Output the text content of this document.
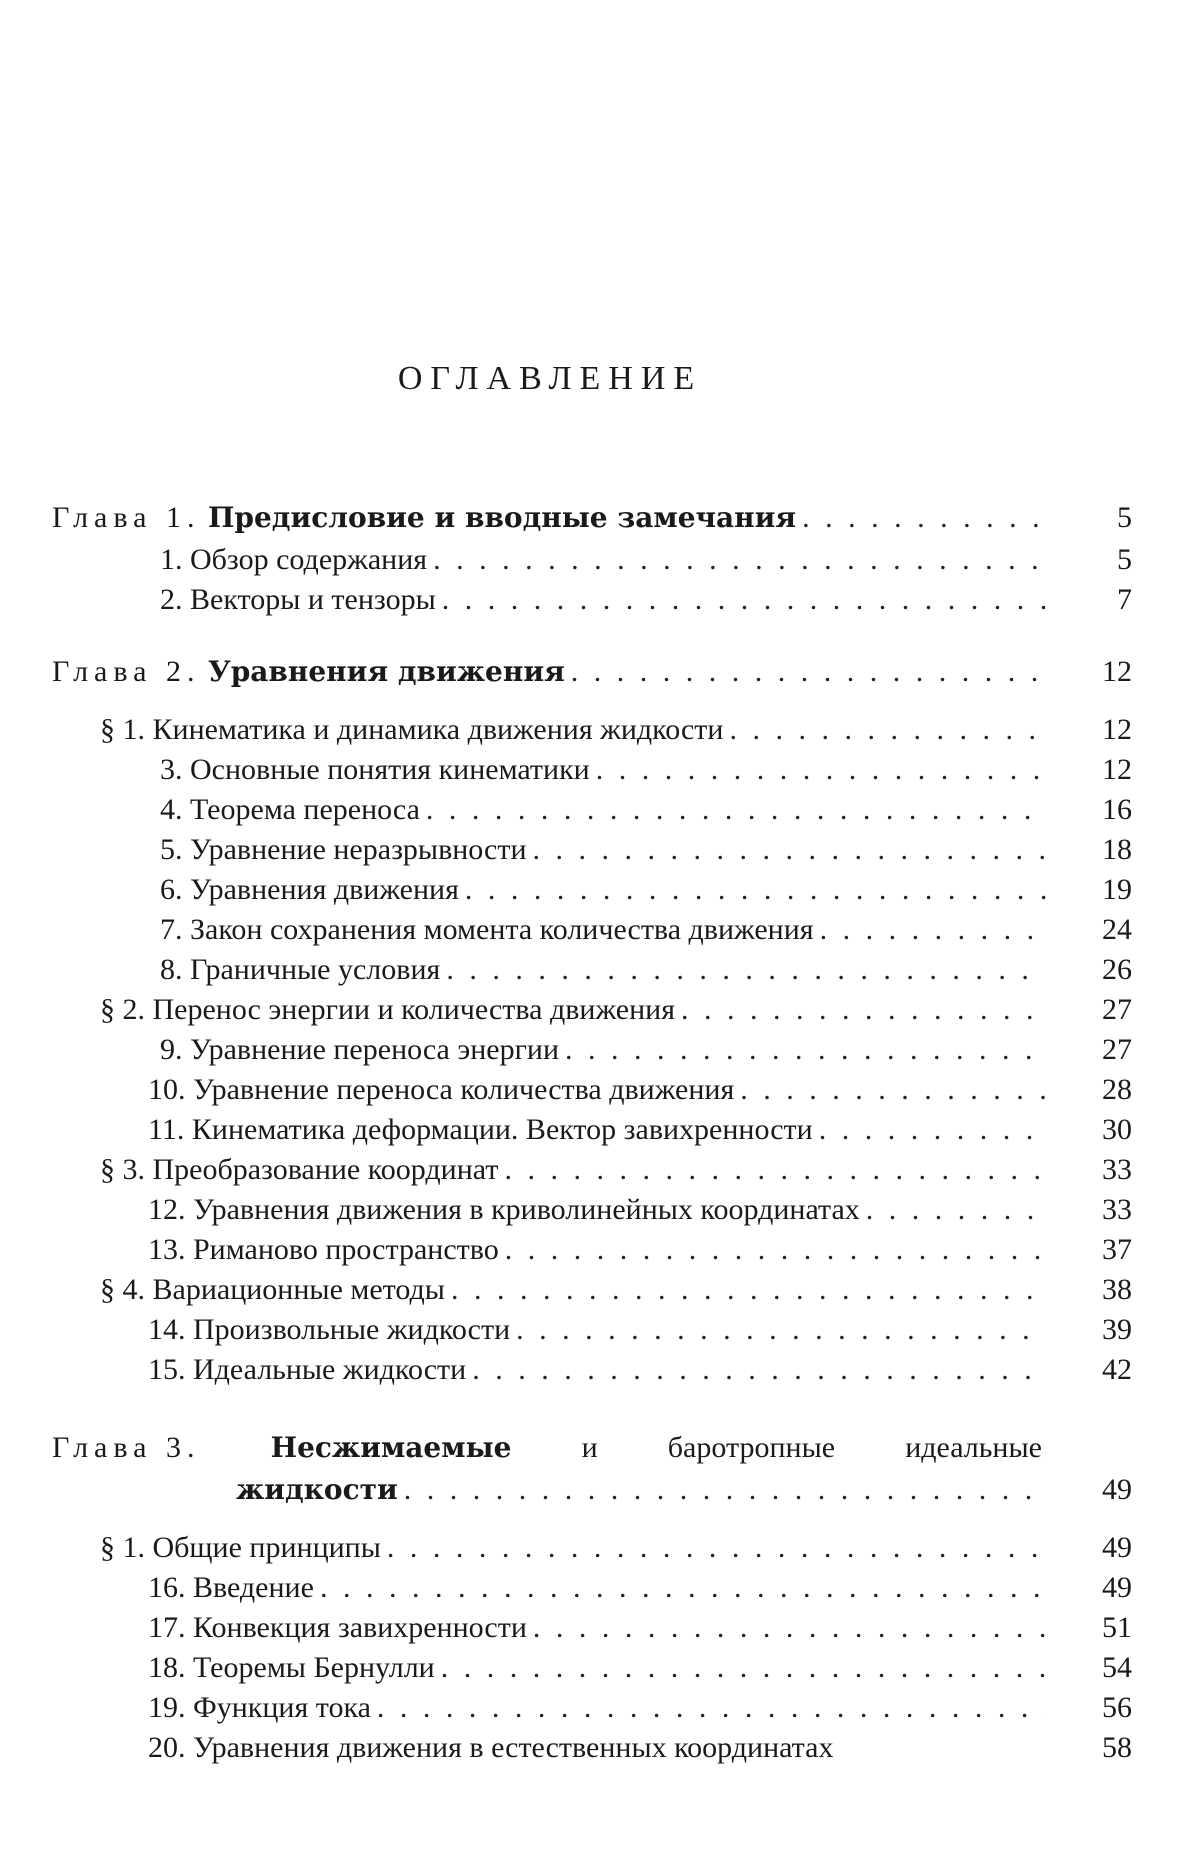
ОГЛАВЛЕНИЕ
Глава 1. Предисловие и вводные замечания . . .	5
1. Обзор содержания . . .	5
2. Векторы и тензоры . . .	7
Глава 2. Уравнения движения . . .	12
§ 1. Кинематика и динамика движения жидкости . . .	12
3. Основные понятия кинематики . . .	12
4. Теорема переноса . . .	16
5. Уравнение неразрывности . . .	18
6. Уравнения движения . . .	19
7. Закон сохранения момента количества движения . . .	24
8. Граничные условия . . .	26
§ 2. Перенос энергии и количества движения . . .	27
9. Уравнение переноса энергии . . .	27
10. Уравнение переноса количества движения . . .	28
11. Кинематика деформации. Вектор завихренности . . .	30
§ 3. Преобразование координат . . .	33
12. Уравнения движения в криволинейных координатах . . .	33
13. Риманово пространство . . .	37
§ 4. Вариационные методы . . .	38
14. Произвольные жидкости . . .	39
15. Идеальные жидкости . . .	42
Глава 3.	Несжимаемые и баротропные идеальные
жидкости . . .	49
§ 1. Общие принципы . . .	49
16. Введение . . .	49
17. Конвекция завихренности . . .	51
18. Теоремы Бернулли . . .	54
19. Функция тока . . .	56
20. Уравнения движения в естественных координатах	58
